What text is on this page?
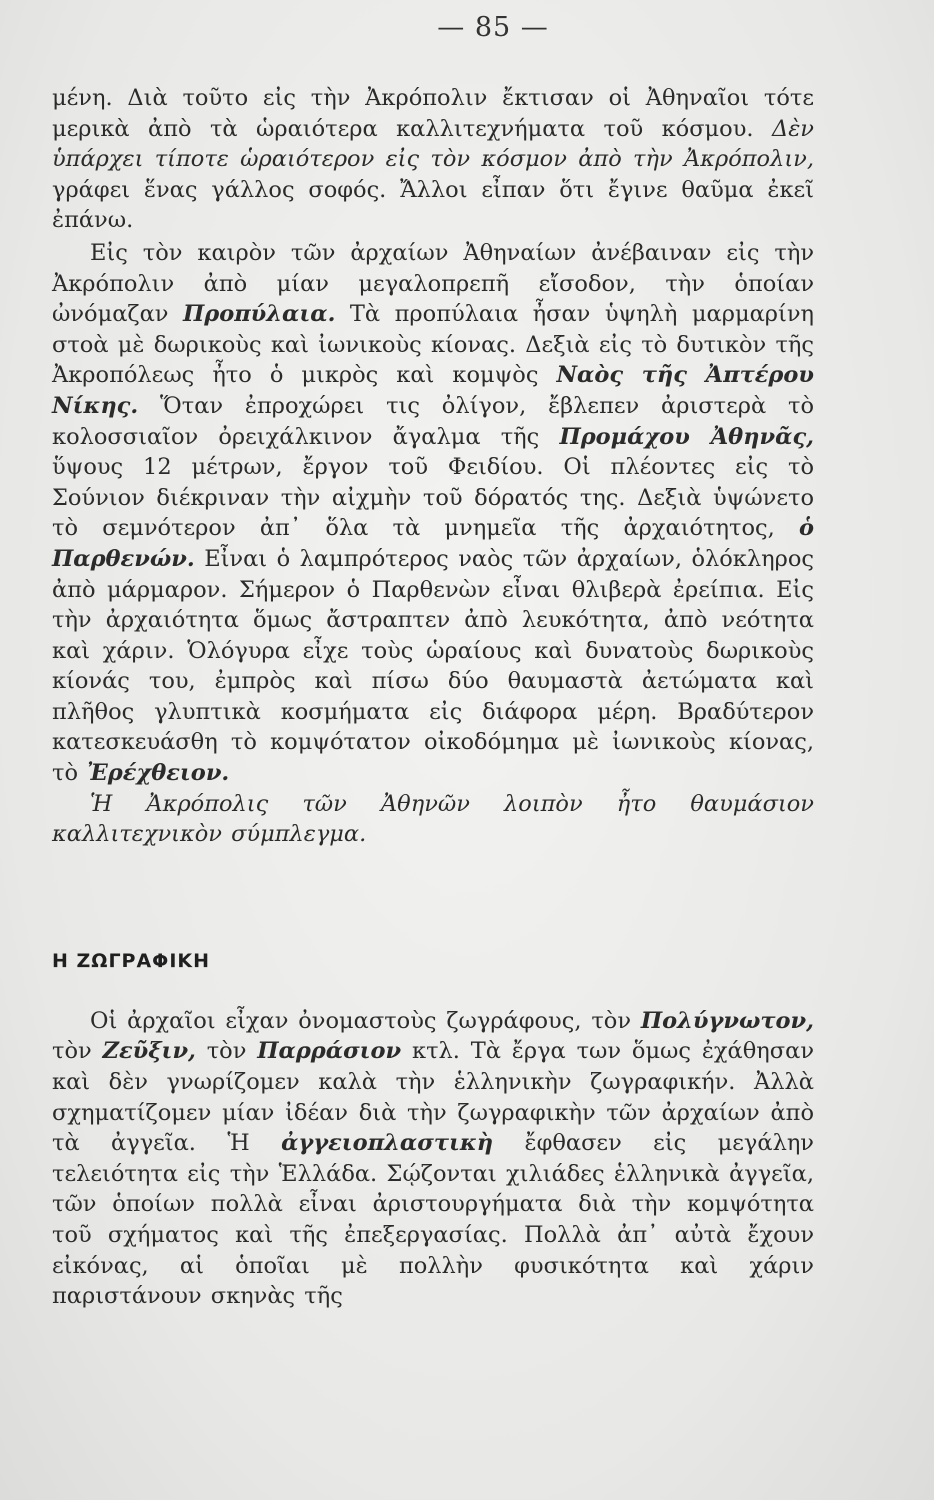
— 85 —

μένη. Διὰ τοῦτο εἰς τὴν Ἀκρόπολιν ἔκτισαν οἱ Ἀθηναῖοι τότε μερικὰ ἀπὸ τὰ ὡραιότερα καλλιτεχνήματα τοῦ κόσμου. Δὲν ὑπάρχει τίποτε ὡραιότερον εἰς τὸν κόσμον ἀπὸ τὴν Ἀκρόπολιν, γράφει ἕνας γάλλος σοφός. Ἄλλοι εἶπαν ὅτι ἔγινε θαῦμα ἐκεῖ ἐπάνω.

Εἰς τὸν καιρὸν τῶν ἀρχαίων Ἀθηναίων ἀνέβαιναν εἰς τὴν Ἀκρόπολιν ἀπὸ μίαν μεγαλοπρεπῆ εἴσοδον, τὴν ὁποίαν ὠνόμαζαν Προπύλαια. Τὰ προπύλαια ἦσαν ὑψηλὴ μαρμαρίνη στοὰ μὲ δωρικοὺς καὶ ἰωνικοὺς κίονας. Δεξιὰ εἰς τὸ δυτικὸν τῆς Ἀκροπόλεως ἦτο ὁ μικρὸς καὶ κομψὸς Ναὸς τῆς Ἀπτέρου Νίκης. Ὅταν ἐπροχώρει τις ὀλίγον, ἔβλεπεν ἀριστερὰ τὸ κολοσσιαῖον ὀρειχάλκινον ἄγαλμα τῆς Προμάχου Ἀθηνᾶς, ὕψους 12 μέτρων, ἔργον τοῦ Φειδίου. Οἱ πλέοντες εἰς τὸ Σούνιον διέκριναν τὴν αἰχμὴν τοῦ δόρατός της. Δεξιὰ ὑψώνετο τὸ σεμνότερον ἀπ᾽ ὅλα τὰ μνημεῖα τῆς ἀρχαιότητος, ὁ Παρθενών. Εἶναι ὁ λαμπρότερος ναὸς τῶν ἀρχαίων, ὁλόκληρος ἀπὸ μάρμαρον. Σήμερον ὁ Παρθενὼν εἶναι θλιβερὰ ἐρείπια. Εἰς τὴν ἀρχαιότητα ὅμως ἄστραπτεν ἀπὸ λευκότητα, ἀπὸ νεότητα καὶ χάριν. Ὁλόγυρα εἶχε τοὺς ὡραίους καὶ δυνατοὺς δωρικοὺς κίονάς του, ἐμπρὸς καὶ πίσω δύο θαυμαστὰ ἀετώματα καὶ πλῆθος γλυπτικὰ κοσμήματα εἰς διάφορα μέρη. Βραδύτερον κατεσκευάσθη τὸ κομψότατον οἰκοδόμημα μὲ ἰωνικοὺς κίονας, τὸ Ἐρέχθειον.

Ἡ Ἀκρόπολις τῶν Ἀθηνῶν λοιπὸν ἦτο θαυμάσιον καλλιτεχνικὸν σύμπλεγμα.

Η ΖΩΓΡΑΦΙΚΗ

Οἱ ἀρχαῖοι εἶχαν ὀνομαστοὺς ζωγράφους, τὸν Πολύγνωτον, τὸν Ζεῦξιν, τὸν Παρράσιον κτλ. Τὰ ἔργα των ὅμως ἐχάθησαν καὶ δὲν γνωρίζομεν καλὰ τὴν ἑλληνικὴν ζωγραφικήν. Ἀλλὰ σχηματίζομεν μίαν ἰδέαν διὰ τὴν ζωγραφικὴν τῶν ἀρχαίων ἀπὸ τὰ ἀγγεῖα. Ἡ ἀγγειοπλαστικὴ ἔφθασεν εἰς μεγάλην τελειότητα εἰς τὴν Ἑλλάδα. Σῴζονται χιλιάδες ἑλληνικὰ ἀγγεῖα, τῶν ὁποίων πολλὰ εἶναι ἀριστουργήματα διὰ τὴν κομψότητα τοῦ σχήματος καὶ τῆς ἐπεξεργασίας. Πολλὰ ἀπ᾽ αὐτὰ ἔχουν εἰκόνας, αἱ ὁποῖαι μὲ πολλὴν φυσικότητα καὶ χάριν παριστάνουν σκηνὰς τῆς
